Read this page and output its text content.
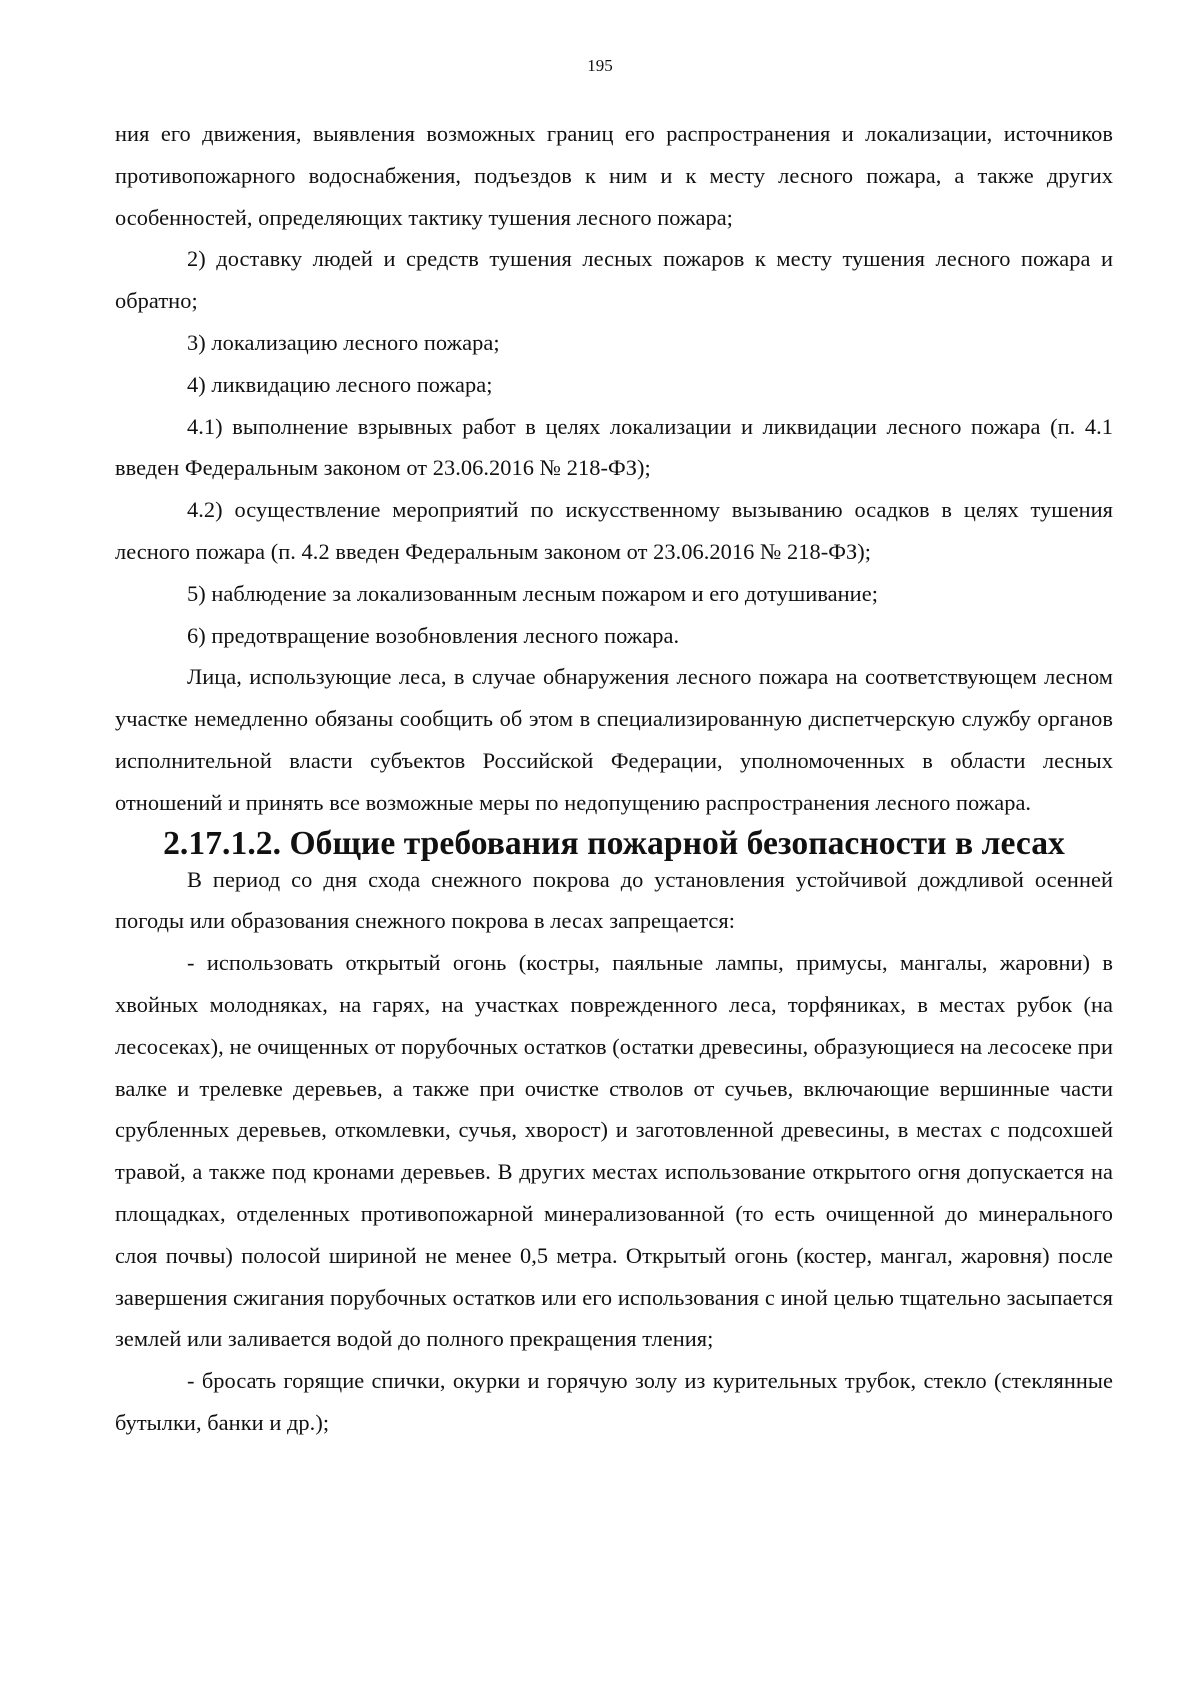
195

ния его движения, выявления возможных границ его распространения и локализации, источников противопожарного водоснабжения, подъездов к ним и к месту лесного пожара, а также других особенностей, определяющих тактику тушения лесного пожара;

2) доставку людей и средств тушения лесных пожаров к месту тушения лесного пожара и обратно;

3) локализацию лесного пожара;

4) ликвидацию лесного пожара;

4.1) выполнение взрывных работ в целях локализации и ликвидации лесного пожара (п. 4.1 введен Федеральным законом от 23.06.2016 № 218-ФЗ);

4.2) осуществление мероприятий по искусственному вызыванию осадков в целях тушения лесного пожара (п. 4.2 введен Федеральным законом от 23.06.2016 № 218-ФЗ);

5) наблюдение за локализованным лесным пожаром и его дотушивание;

6) предотвращение возобновления лесного пожара.

Лица, использующие леса, в случае обнаружения лесного пожара на соответствующем лесном участке немедленно обязаны сообщить об этом в специализированную диспетчерскую службу органов исполнительной власти субъектов Российской Федерации, уполномоченных в области лесных отношений и принять все возможные меры по недопущению распространения лесного пожара.

2.17.1.2. Общие требования пожарной безопасности в лесах

В период со дня схода снежного покрова до установления устойчивой дождливой осенней погоды или образования снежного покрова в лесах запрещается:

- использовать открытый огонь (костры, паяльные лампы, примусы, мангалы, жаровни) в хвойных молодняках, на гарях, на участках поврежденного леса, торфяниках, в местах рубок (на лесосеках), не очищенных от порубочных остатков (остатки древесины, образующиеся на лесосеке при валке и трелевке деревьев, а также при очистке стволов от сучьев, включающие вершинные части срубленных деревьев, откомлевки, сучья, хворост) и заготовленной древесины, в местах с подсохшей травой, а также под кронами деревьев. В других местах использование открытого огня допускается на площадках, отделенных противопожарной минерализованной (то есть очищенной до минерального слоя почвы) полосой шириной не менее 0,5 метра. Открытый огонь (костер, мангал, жаровня) после завершения сжигания порубочных остатков или его использования с иной целью тщательно засыпается землей или заливается водой до полного прекращения тления;

- бросать горящие спички, окурки и горячую золу из курительных трубок, стекло (стеклянные бутылки, банки и др.);
